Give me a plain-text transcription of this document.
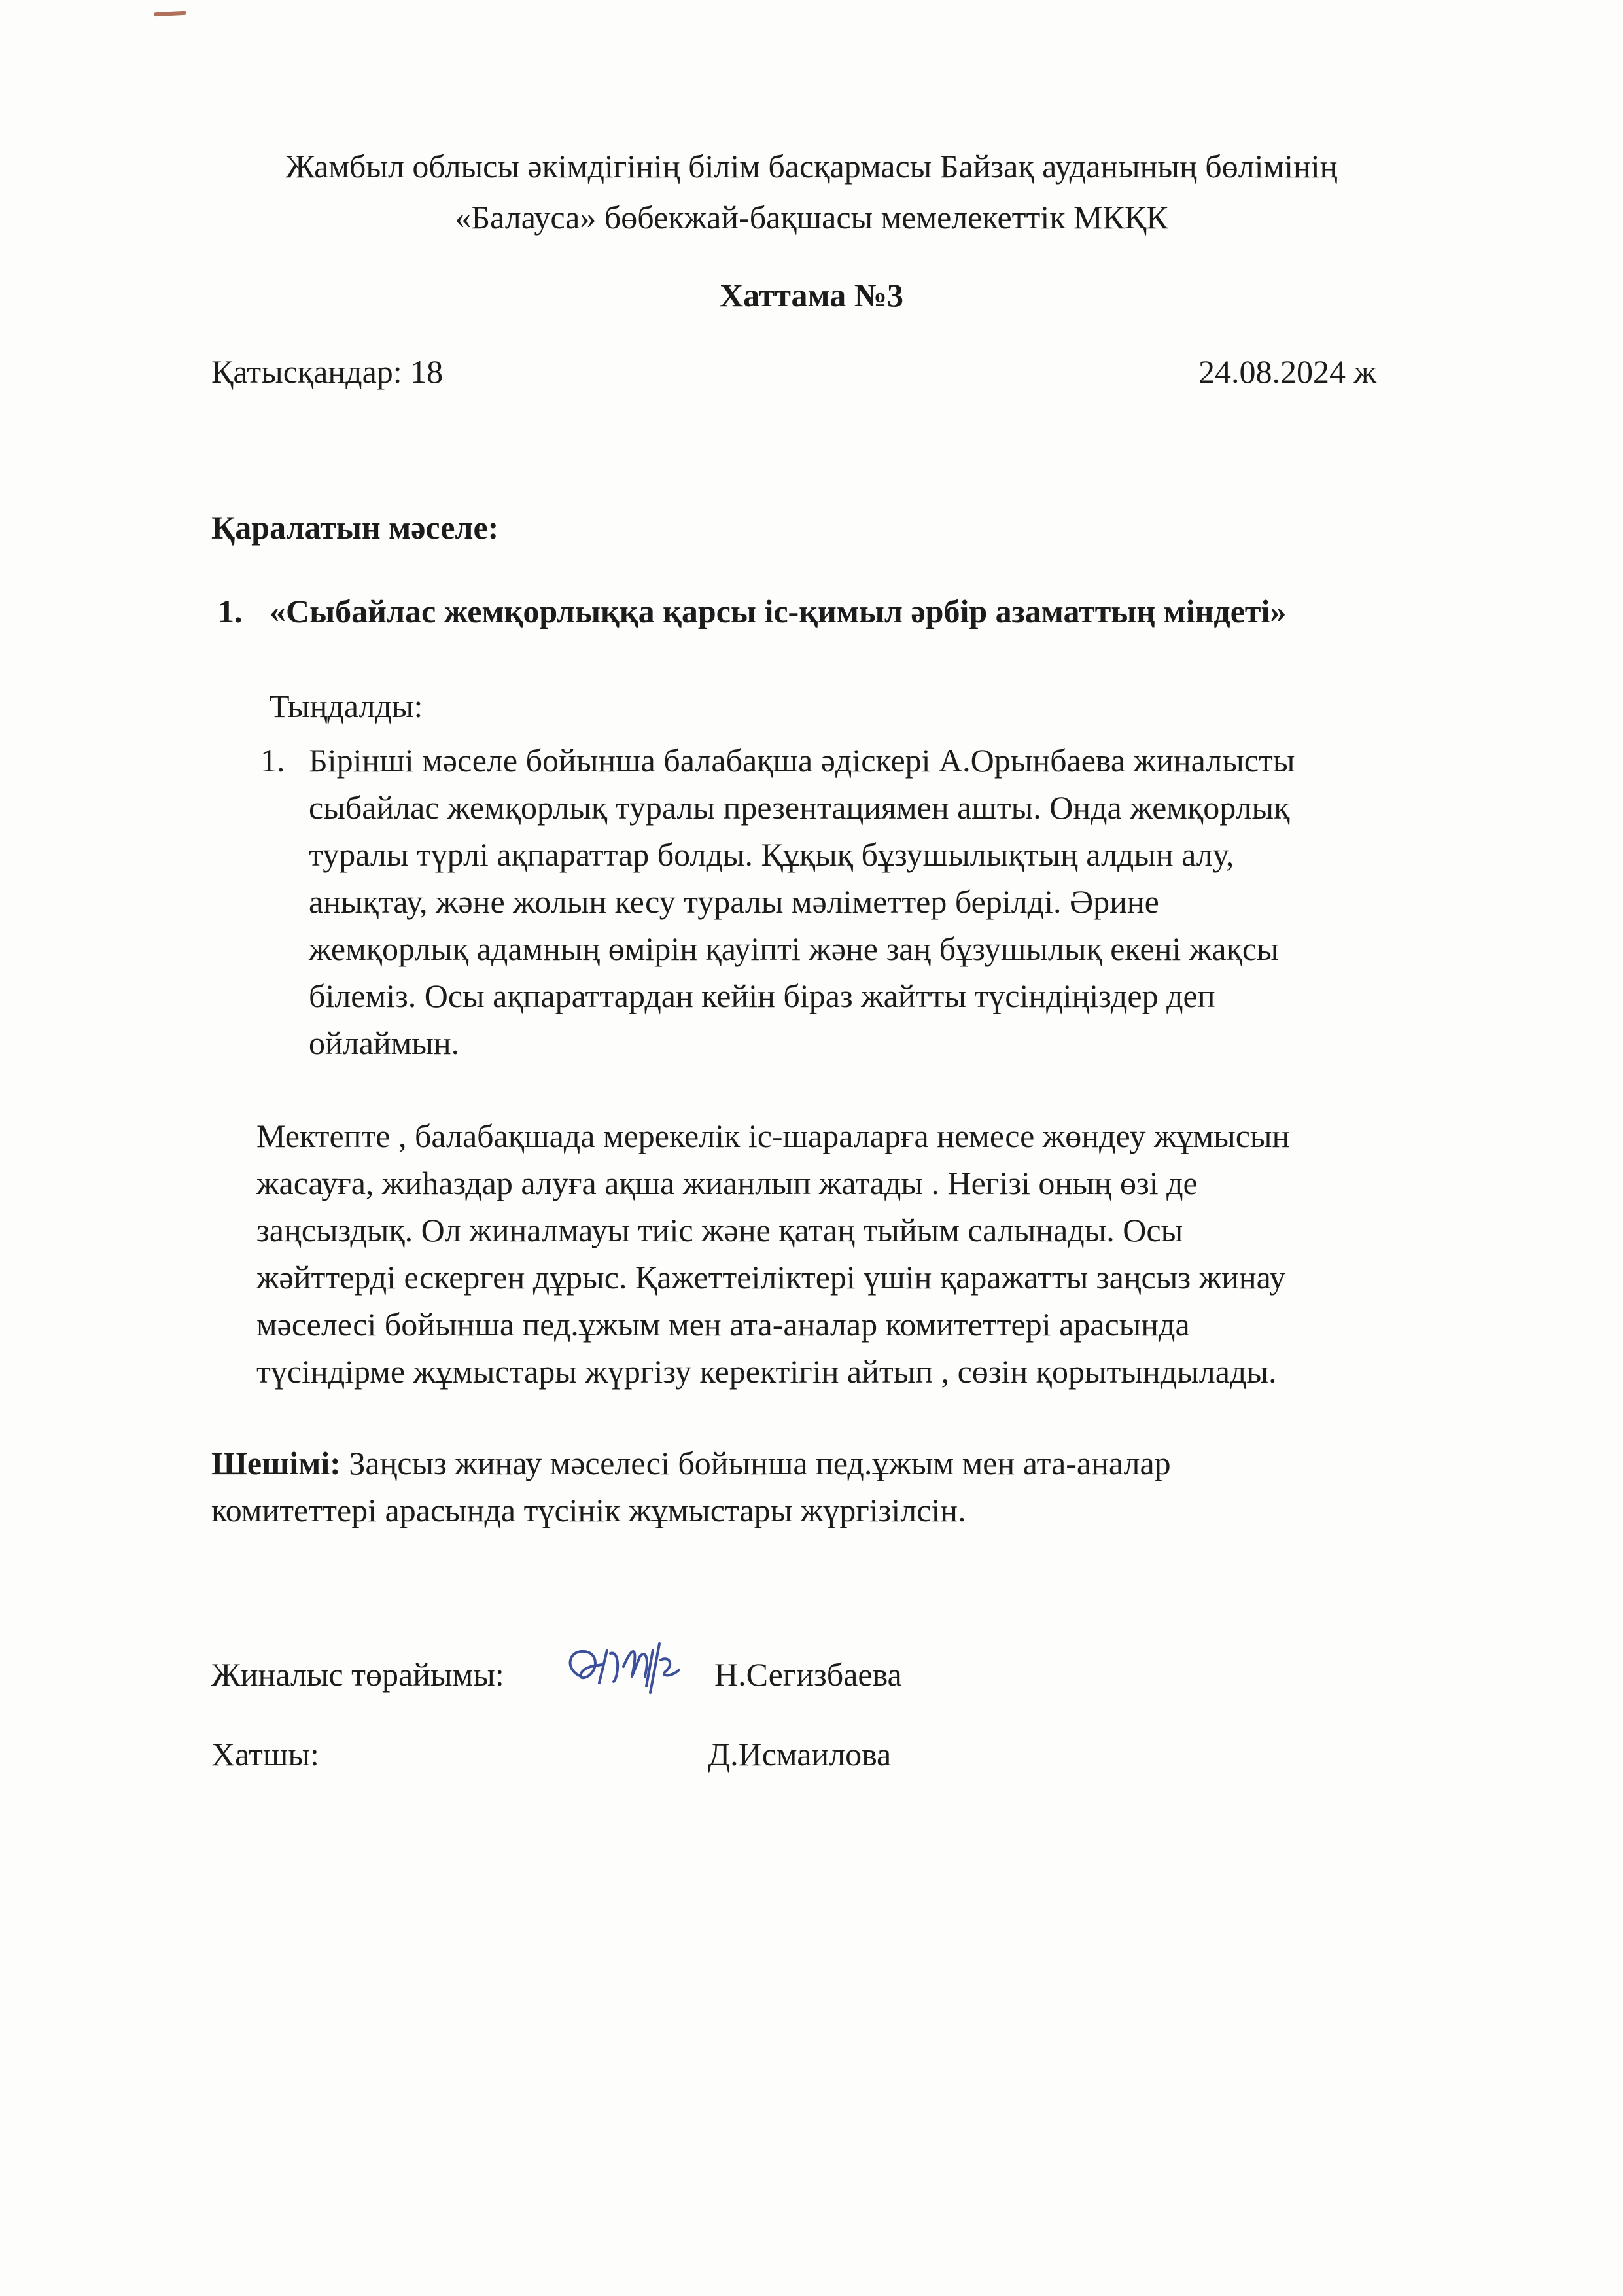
Жамбыл облысы әкімдігінің білім басқармасы Байзақ ауданының бөлімінің
«Балауса» бөбекжай-бақшасы мемелекеттік МКҚК
Хаттама №3
Қатысқандар: 18	24.08.2024 ж
Қаралатын мәселе:
1. «Сыбайлас жемқорлыққа қарсы іс-қимыл әрбір азаматтың міндеті»
Тыңдалды:
1. Бірінші мәселе бойынша балабақша әдіскері А.Орынбаева жиналысты
сыбайлас жемқорлық туралы презентациямен ашты. Онда жемқорлық
туралы түрлі ақпараттар болды. Құқық бұзушылықтың алдын алу,
анықтау, және жолын кесу туралы мәліметтер берілді. Әрине
жемқорлық адамның өмірін қауіпті және заң бұзушылық екені жақсы
білеміз. Осы ақпараттардан кейін біраз жайтты түсіндіңіздер деп
ойлаймын.
Мектепте , балабақшада мерекелік іс-шараларға немесе жөндеу жұмысын
жасауға, жиһаздар алуға ақша жианлып жатады . Негізі оның өзі де
заңсыздық. Ол жиналмауы тиіс және қатаң тыйым салынады. Осы
жәйттерді ескерген дұрыс. Қажеттеіліктері үшін қаражатты заңсыз жинау
мәселесі бойынша пед.ұжым мен ата-аналар комитеттері арасында
түсіндірме жұмыстары жүргізу керектігін айтып , сөзін қорытындылады.
Шешімі: Заңсыз жинау мәселесі бойынша пед.ұжым мен ата-аналар
комитеттері арасында түсінік жұмыстары жүргізілсін.
Жиналыс төрайымы:	Н.Сегизбаева
Хатшы:	Д.Исмаилова
